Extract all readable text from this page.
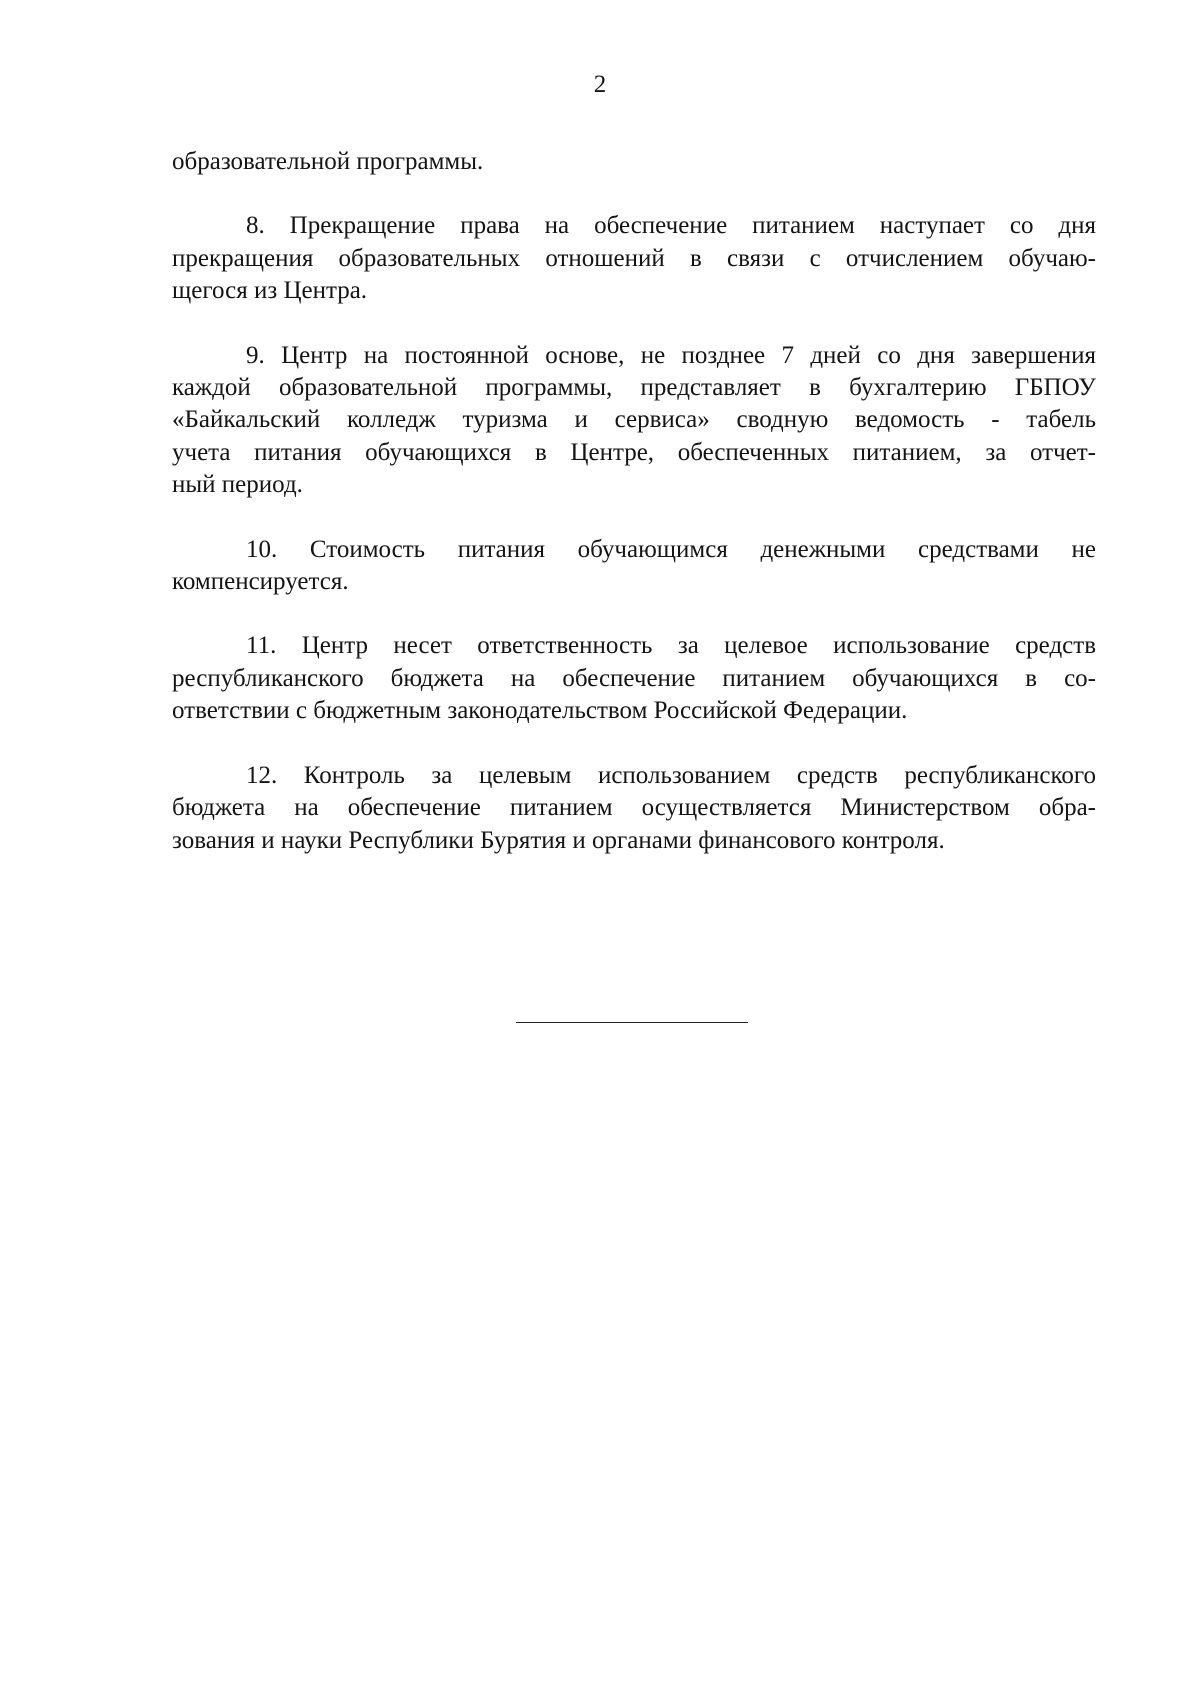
2

образовательной программы.

8. Прекращение права на обеспечение питанием наступает со дня
прекращения образовательных отношений в связи с отчислением обучаю-
щегося из Центра.

9. Центр на постоянной основе, не позднее 7 дней со дня завершения
каждой образовательной программы, представляет в бухгалтерию ГБПОУ
«Байкальский колледж туризма и сервиса» сводную ведомость - табель
учета питания обучающихся в Центре, обеспеченных питанием, за отчет-
ный период.

10. Стоимость питания обучающимся денежными средствами не
компенсируется.

11. Центр несет ответственность за целевое использование средств
республиканского бюджета на обеспечение питанием обучающихся в со-
ответствии с бюджетным законодательством Российской Федерации.

12. Контроль за целевым использованием средств республиканского
бюджета на обеспечение питанием осуществляется Министерством обра-
зования и науки Республики Бурятия и органами финансового контроля.
